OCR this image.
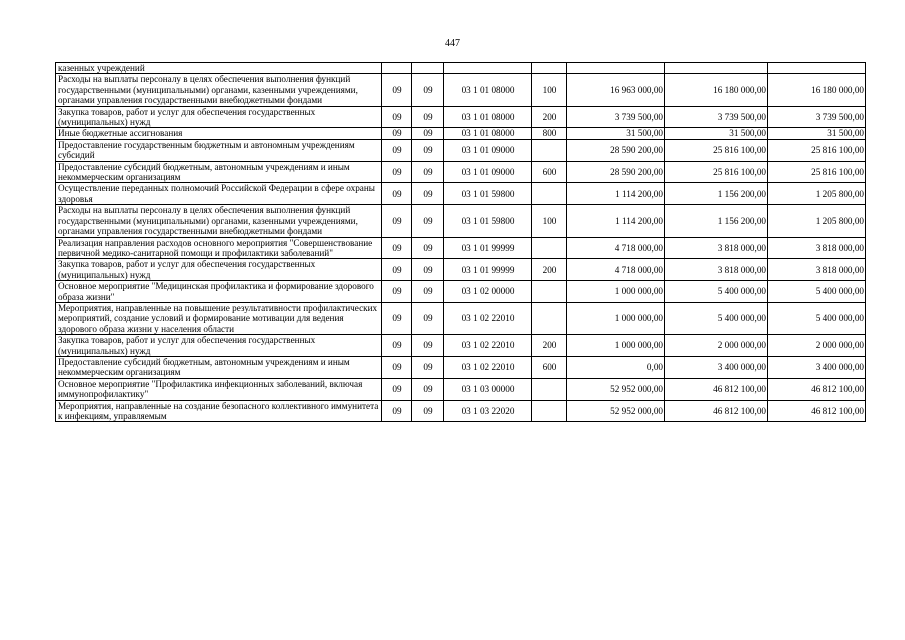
447
казенных учреждений							
Расходы на выплаты персоналу в целях обеспечения выполнения функций государственными (муниципальными) органами, казенными учреждениями, органами управления государственными внебюджетными фондами	09	09	03 1 01 08000	100	16 963 000,00	16 180 000,00	16 180 000,00
Закупка товаров, работ и услуг для обеспечения государственных (муниципальных) нужд	09	09	03 1 01 08000	200	3 739 500,00	3 739 500,00	3 739 500,00
Иные бюджетные ассигнования	09	09	03 1 01 08000	800	31 500,00	31 500,00	31 500,00
Предоставление государственным бюджетным и автономным учреждениям субсидий	09	09	03 1 01 09000		28 590 200,00	25 816 100,00	25 816 100,00
Предоставление субсидий бюджетным, автономным учреждениям и иным некоммерческим организациям	09	09	03 1 01 09000	600	28 590 200,00	25 816 100,00	25 816 100,00
Осуществление переданных полномочий Российской Федерации в сфере охраны здоровья	09	09	03 1 01 59800		1 114 200,00	1 156 200,00	1 205 800,00
Расходы на выплаты персоналу в целях обеспечения выполнения функций государственными (муниципальными) органами, казенными учреждениями, органами управления государственными внебюджетными фондами	09	09	03 1 01 59800	100	1 114 200,00	1 156 200,00	1 205 800,00
Реализация направления расходов основного мероприятия "Совершенствование первичной медико-санитарной помощи и профилактики заболеваний"	09	09	03 1 01 99999		4 718 000,00	3 818 000,00	3 818 000,00
Закупка товаров, работ и услуг для обеспечения государственных (муниципальных) нужд	09	09	03 1 01 99999	200	4 718 000,00	3 818 000,00	3 818 000,00
Основное мероприятие "Медицинская профилактика и формирование здорового образа жизни"	09	09	03 1 02 00000		1 000 000,00	5 400 000,00	5 400 000,00
Мероприятия, направленные на повышение результативности профилактических мероприятий, создание условий и формирование мотивации для ведения здорового образа жизни у населения области	09	09	03 1 02 22010		1 000 000,00	5 400 000,00	5 400 000,00
Закупка товаров, работ и услуг для обеспечения государственных (муниципальных) нужд	09	09	03 1 02 22010	200	1 000 000,00	2 000 000,00	2 000 000,00
Предоставление субсидий бюджетным, автономным учреждениям и иным некоммерческим организациям	09	09	03 1 02 22010	600	0,00	3 400 000,00	3 400 000,00
Основное мероприятие "Профилактика инфекционных заболеваний, включая иммунопрофилактику"	09	09	03 1 03 00000		52 952 000,00	46 812 100,00	46 812 100,00
Мероприятия, направленные на создание безопасного коллективного иммунитета к инфекциям, управляемым	09	09	03 1 03 22020		52 952 000,00	46 812 100,00	46 812 100,00
